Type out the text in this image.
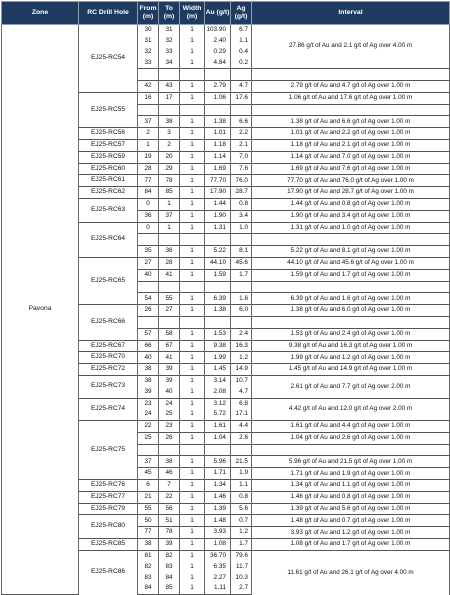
Zone	RC Drill Hole	From (m)	To (m)	Width (m)	Au (g/t)	Ag (g/t)	Interval
Pavona	EJ25-RC54	30	31	1	103.90	6.7	27.86 g/t of Au and 2.1 g/t of Ag over 4.00 m
		31	32	1	2.40	1.1	
		32	33	1	0.29	0.4	
		33	34	1	4.84	0.2	

		42	43	1	2.79	4.7	2.79 g/t of Au and 4.7 g/t of Ag over 1.00 m
	EJ25-RC55	16	17	1	1.06	17.6	1.06 g/t of Au and 17.6 g/t of Ag over 1.00 m

		37	38	1	1.38	6.6	1.38 g/t of Au and 6.6 g/t of Ag over 1.00 m
	EJ25-RC56	2	3	1	1.01	2.2	1.01 g/t of Au and 2.2 g/t of Ag over 1.00 m
	EJ25-RC57	1	2	1	1.18	2.1	1.18 g/t of Au and 2.1 g/t of Ag over 1.00 m
	EJ25-RC59	19	20	1	1.14	7.0	1.14 g/t of Au and 7.0 g/t of Ag over 1.00 m
	EJ25-RC60	28	29	1	1.69	7.6	1.69 g/t of Au and 7.6 g/t of Ag over 1.00 m
	EJ25-RC61	77	78	1	77.70	76.0	77.70 g/t of Au and 76.0 g/t of Ag over 1.00 m
	EJ25-RC62	84	85	1	17.90	28.7	17.90 g/t of Au and 28.7 g/t of Ag over 1.00 m
	EJ25-RC63	0	1	1	1.44	0.8	1.44 g/t of Au and 0.8 g/t of Ag over 1.00 m
		36	37	1	1.90	3.4	1.90 g/t of Au and 3.4 g/t of Ag over 1.00 m
	EJ25-RC64	0	1	1	1.31	1.0	1.31 g/t of Au and 1.0 g/t of Ag over 1.00 m

		35	36	1	5.22	8.1	5.22 g/t of Au and 8.1 g/t of Ag over 1.00 m
	EJ25-RC65	27	28	1	44.10	45.6	44.10 g/t of Au and 45.6 g/t of Ag over 1.00 m
		40	41	1	1.59	1.7	1.59 g/t of Au and 1.7 g/t of Ag over 1.00 m

		54	55	1	6.39	1.6	6.39 g/t of Au and 1.6 g/t of Ag over 1.00 m
	EJ25-RC66	26	27	1	1.38	6.0	1.38 g/t of Au and 6.0 g/t of Ag over 1.00 m

		57	58	1	1.53	2.4	1.53 g/t of Au and 2.4 g/t of Ag over 1.00 m
	EJ25-RC67	66	67	1	9.38	16.3	9.38 g/t of Au and 16.3 g/t of Ag over 1.00 m
	EJ25-RC70	40	41	1	1.99	1.2	1.99 g/t of Au and 1.2 g/t of Ag over 1.00 m
	EJ25-RC72	38	39	1	1.45	14.9	1.45 g/t of Au and 14.9 g/t of Ag over 1.00 m
	EJ25-RC73	38	39	1	3.14	10.7	2.61 g/t of Au and 7.7 g/t of Ag over 2.00 m
		39	40	1	2.08	4.7	
	EJ25-RC74	23	24	1	3.12	6.8	4.42 g/t of Au and 12.0 g/t of Ag over 2.00 m
		24	25	1	5.72	17.1	
	EJ25-RC75	22	23	1	1.61	4.4	1.61 g/t of Au and 4.4 g/t of Ag over 1.00 m
		25	26	1	1.04	2.6	1.04 g/t of Au and 2.6 g/t of Ag over 1.00 m

		37	38	1	5.96	21.5	5.96 g/t of Au and 21.5 g/t of Ag over 1.00 m
		45	46	1	1.71	1.9	1.71 g/t of Au and 1.9 g/t of Ag over 1.00 m
	EJ25-RC76	6	7	1	1.34	1.1	1.34 g/t of Au and 1.1 g/t of Ag over 1.00 m
	EJ25-RC77	21	22	1	1.46	0.8	1.46 g/t of Au and 0.8 g/t of Ag over 1.00 m
	EJ25-RC79	55	56	1	1.39	5.6	1.39 g/t of Au and 5.6 g/t of Ag over 1.00 m
	EJ25-RC80	50	51	1	1.48	0.7	1.48 g/t of Au and 0.7 g/t of Ag over 1.00 m
		77	78	1	3.93	1.2	3.93 g/t of Au and 1.2 g/t of Ag over 1.00 m
	EJ25-RC85	38	39	1	1.08	1.7	1.08 g/t of Au and 1.7 g/t of Ag over 1.00 m
	EJ25-RC86	81	82	1	36.70	79.6	11.61 g/t of Au and 26.1 g/t of Ag over 4.00 m
		82	83	1	6.35	11.7	
		83	84	1	2.27	10.3	
		84	85	1	1.11	2.7	
